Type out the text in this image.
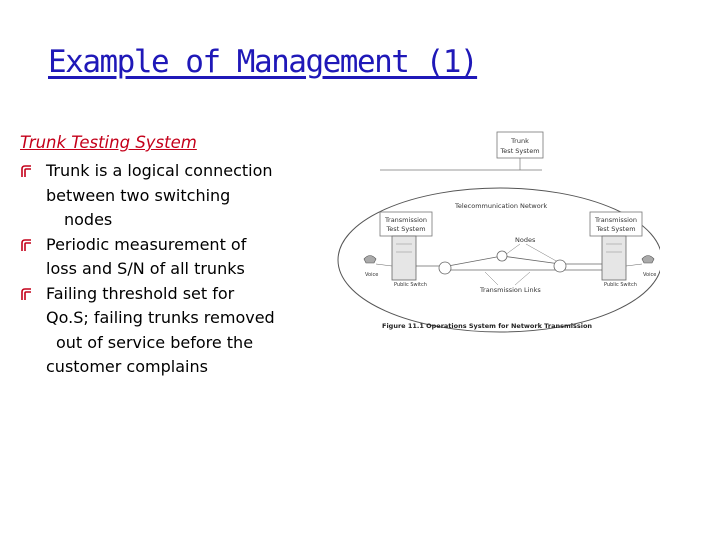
Example of Management (1)
Trunk Testing System
Trunk is a logical connection
between two switching
nodes
Periodic measurement of
loss and S/N of all trunks
Failing threshold set for
Qo.S; failing trunks removed
out of service before the
customer complains
Trunk
Test System
Telecommunication Network
Transmission
Test System
Transmission
Test System
Public Switch	Public Switch
Nodes
Transmission Links
Voice	Voice
Figure 11.1 Operations System for Network Transmission
